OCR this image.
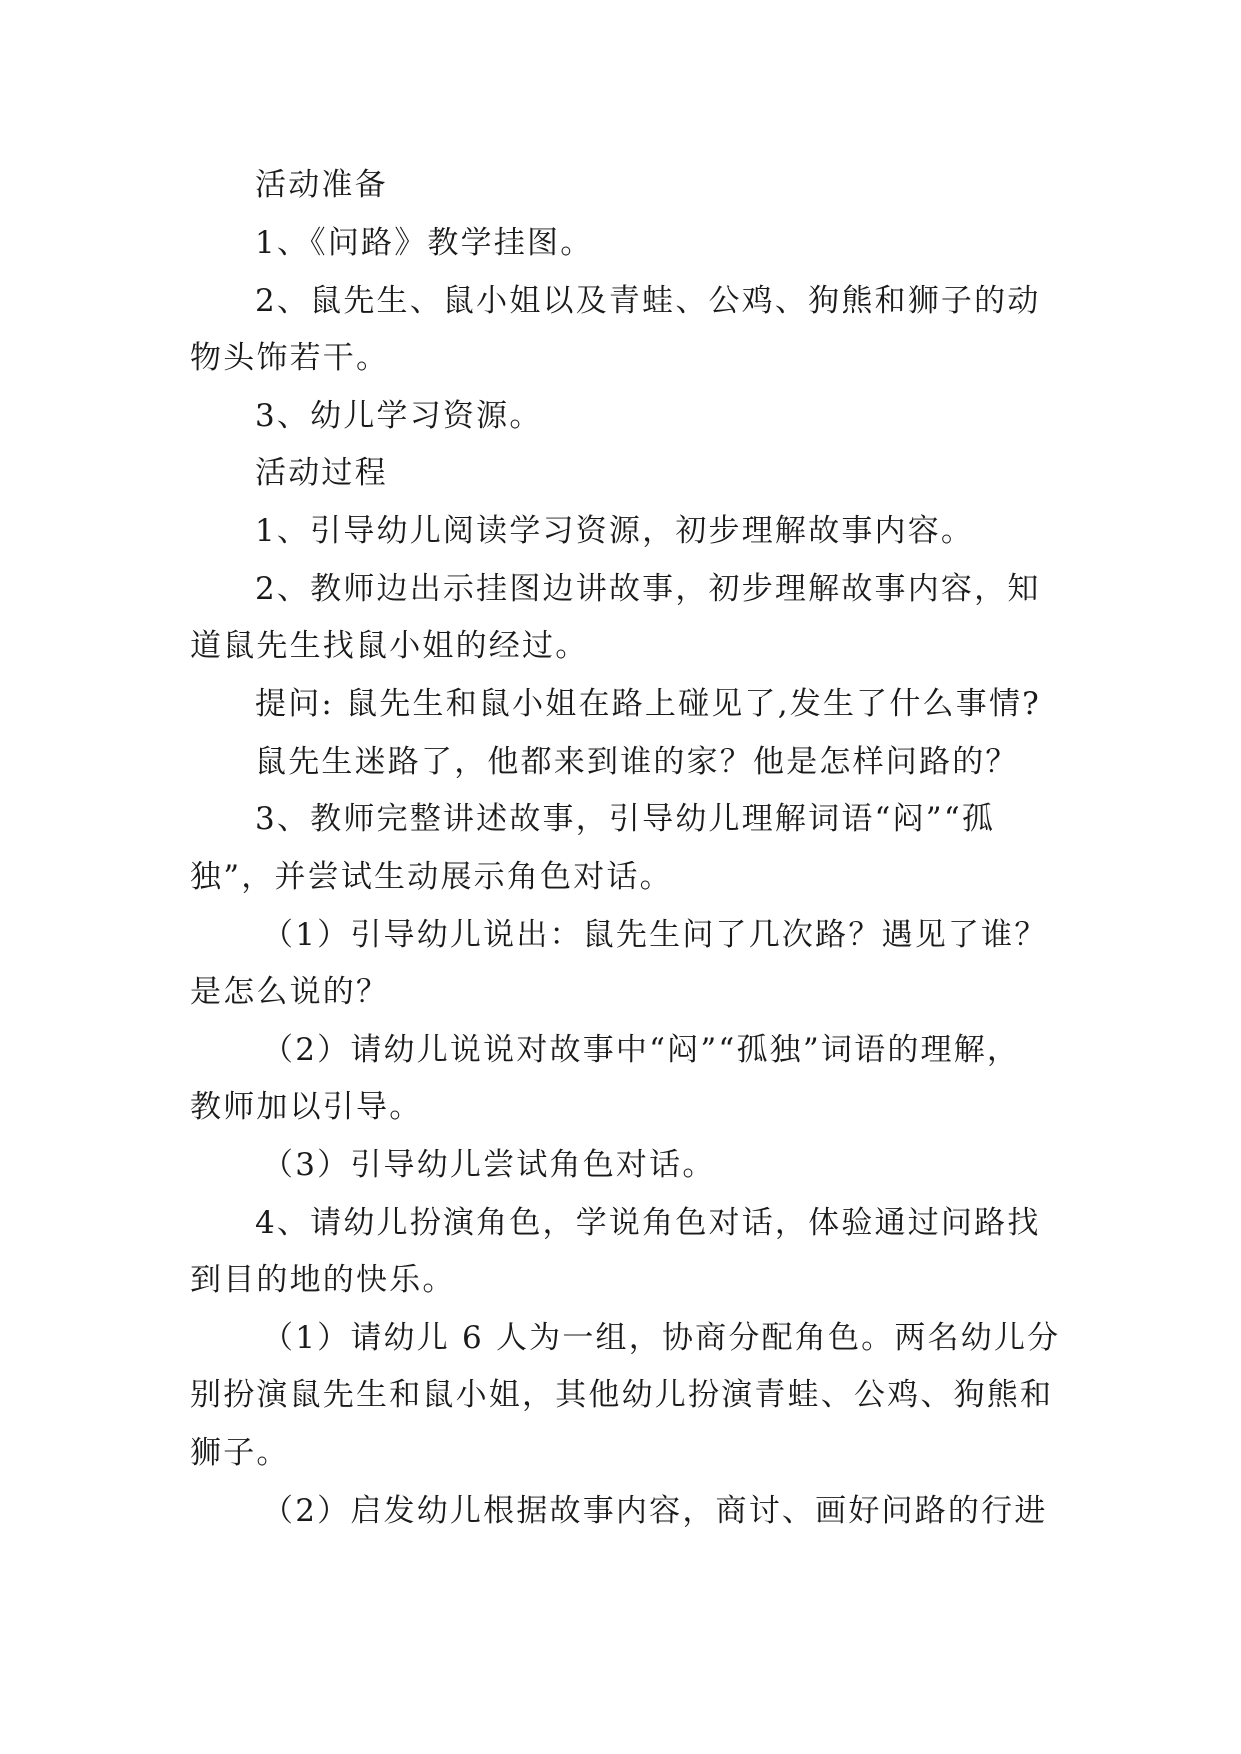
活动准备
1、《问路》教学挂图。
2、鼠先生、鼠小姐以及青蛙、公鸡、狗熊和狮子的动
物头饰若干。
3、幼儿学习资源。
活动过程
1、引导幼儿阅读学习资源，初步理解故事内容。
2、教师边出示挂图边讲故事，初步理解故事内容，知
道鼠先生找鼠小姐的经过。
提问: 鼠先生和鼠小姐在路上碰见了,发生了什么事情?
鼠先生迷路了，他都来到谁的家？他是怎样问路的？
3、教师完整讲述故事，引导幼儿理解词语“闷”“孤
独”，并尝试生动展示角色对话。
（1）引导幼儿说出：鼠先生问了几次路？遇见了谁？
是怎么说的？
（2）请幼儿说说对故事中“闷”“孤独”词语的理解，
教师加以引导。
（3）引导幼儿尝试角色对话。
4、请幼儿扮演角色，学说角色对话，体验通过问路找
到目的地的快乐。
（1）请幼儿 6 人为一组，协商分配角色。两名幼儿分
别扮演鼠先生和鼠小姐，其他幼儿扮演青蛙、公鸡、狗熊和
狮子。
（2）启发幼儿根据故事内容，商讨、画好问路的行进
